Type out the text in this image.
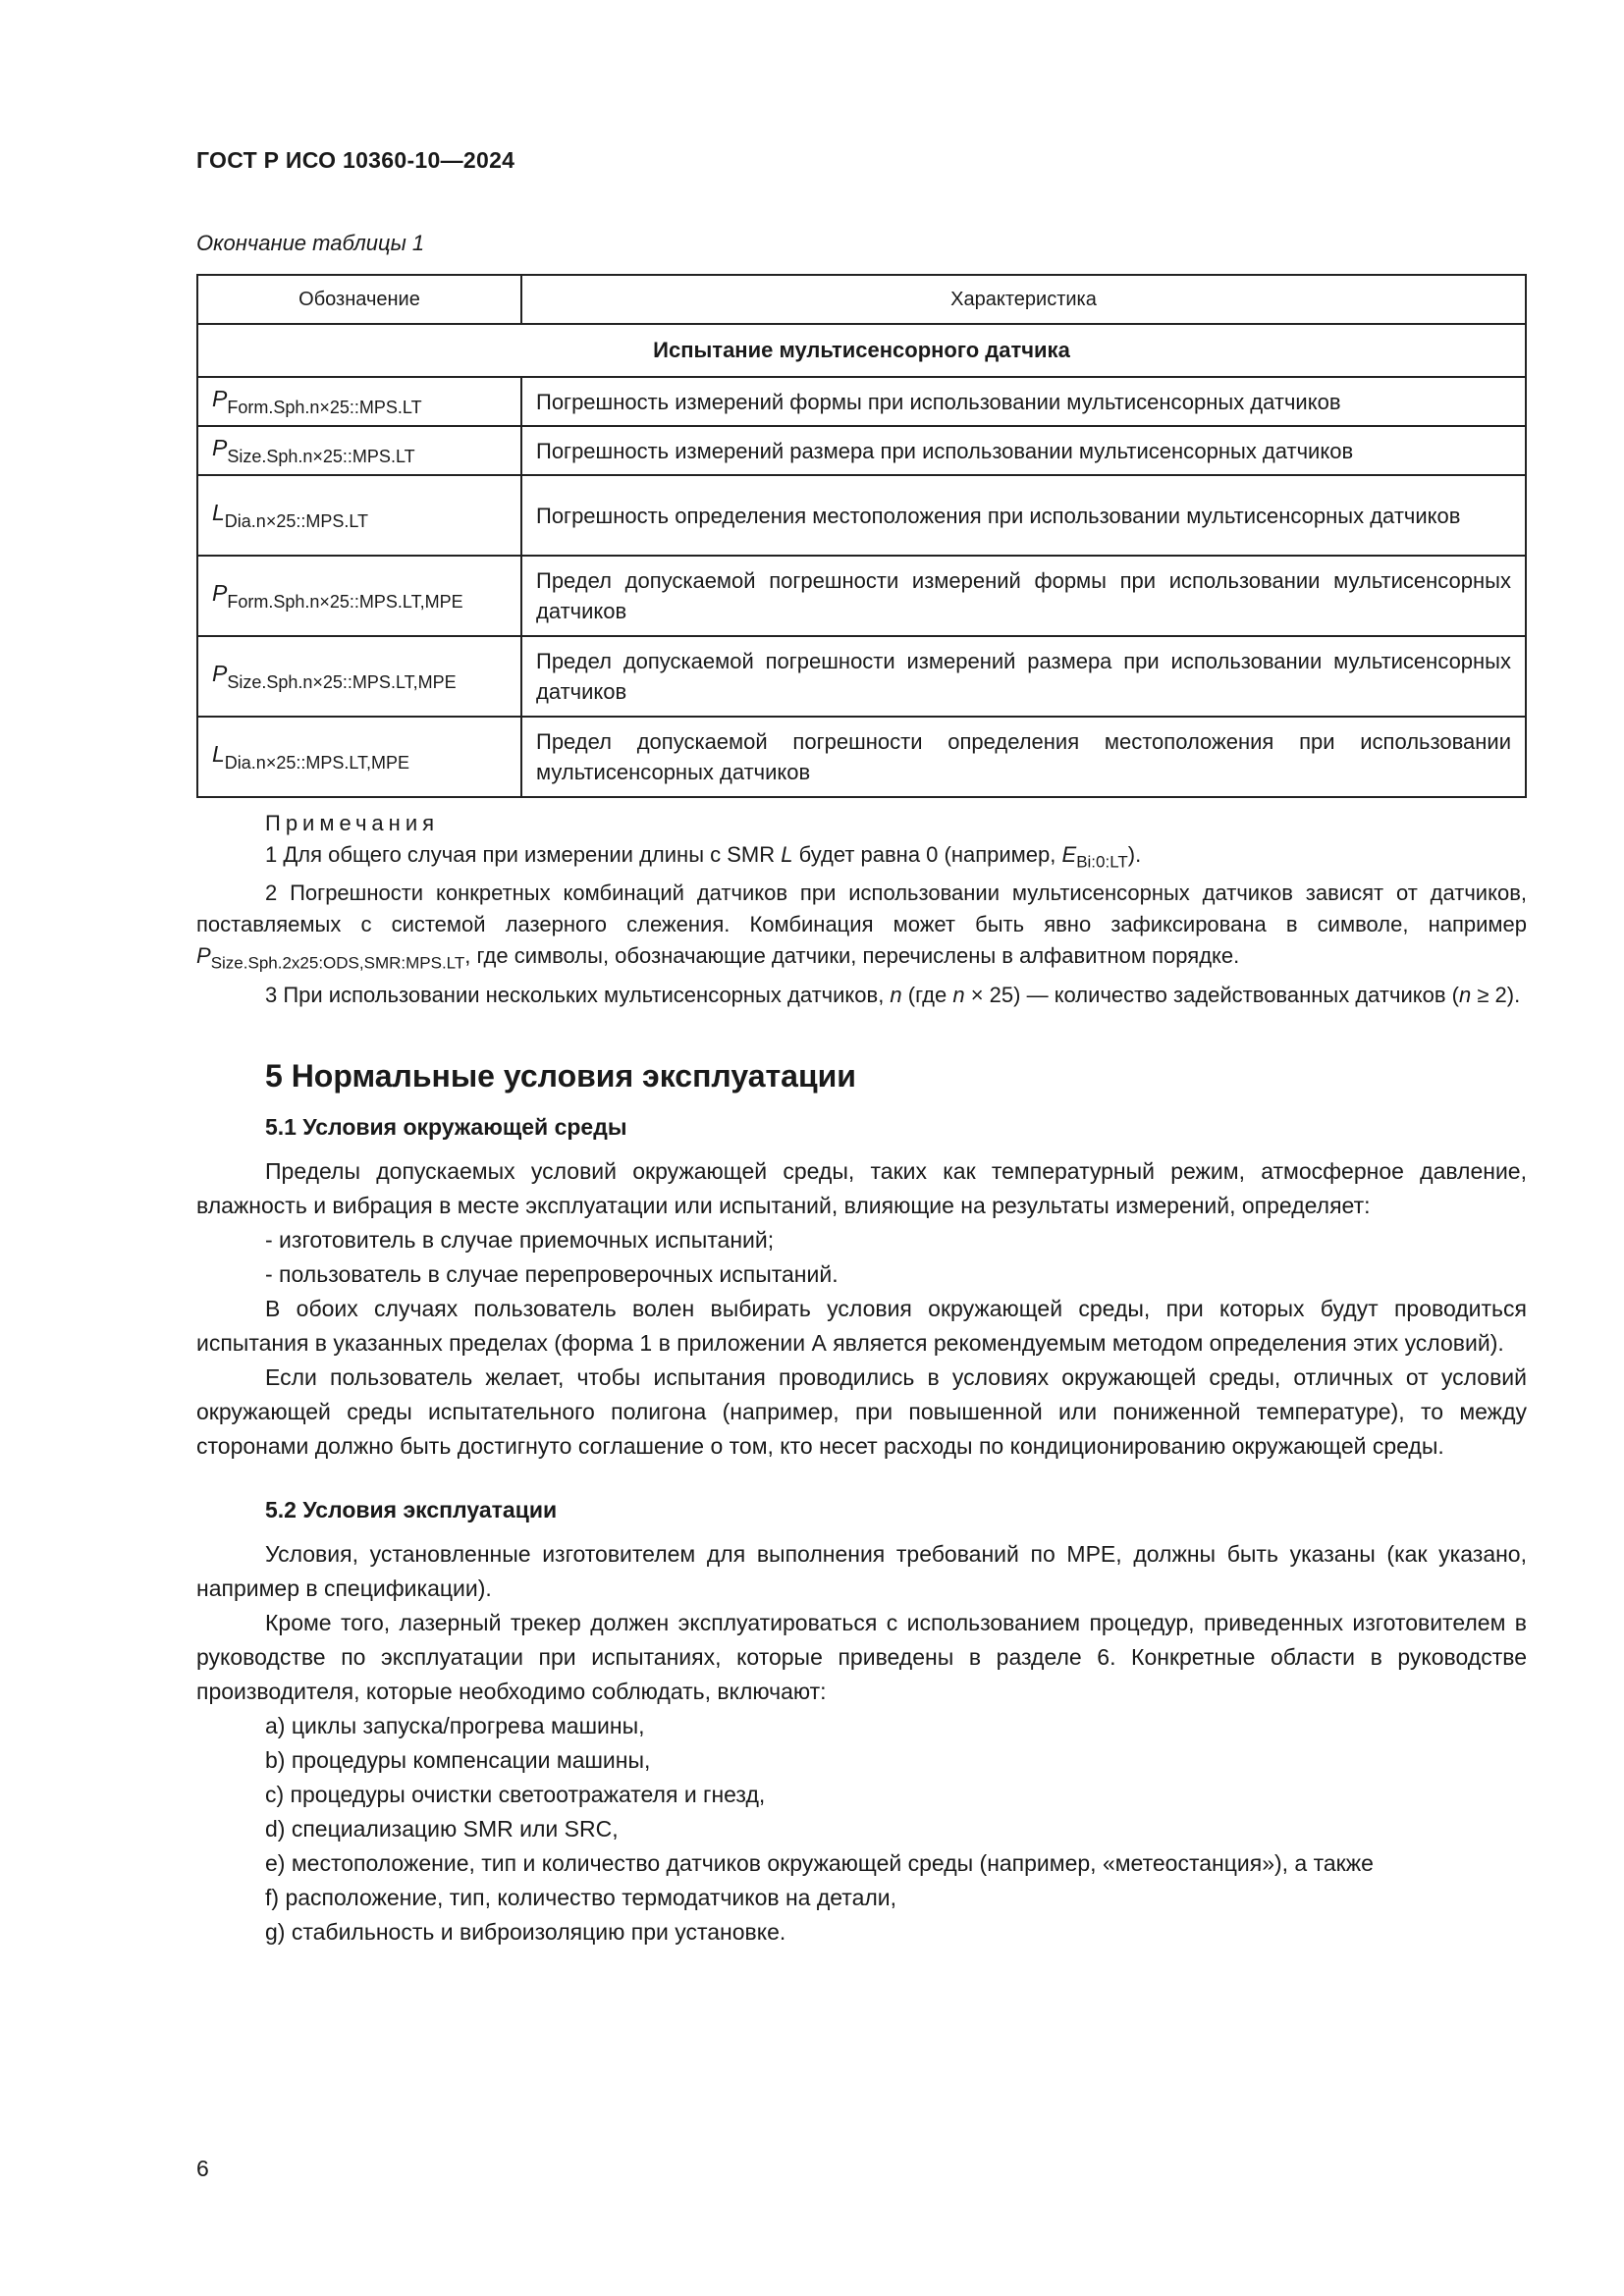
ГОСТ Р ИСО 10360-10—2024
Окончание таблицы 1
Обозначение	Характеристика
Испытание мультисенсорного датчика	
$P_{Form.Sph.n\times 25::MPS.LT}$	Погрешность измерений формы при использовании мультисенсорных датчиков
$P_{Size.Sph.n\times 25::MPS.LT}$	Погрешность измерений размера при использовании мультисенсорных датчиков
$L_{Dia.n\times 25::MPS.LT}$	Погрешность определения местоположения при использовании мультисенсорных датчиков
$P_{Form.Sph.n\times 25::MPS.LT,MPE}$	Предел допускаемой погрешности измерений формы при использовании мультисенсорных датчиков
$P_{Size.Sph.n\times 25::MPS.LT,MPE}$	Предел допускаемой погрешности измерений размера при использовании мультисенсорных датчиков
$L_{Dia.n\times 25::MPS.LT,MPE}$	Предел допускаемой погрешности определения местоположения при использовании мультисенсорных датчиков
Примечания

1 Для общего случая при измерении длины с SMR L будет равна 0 (например, $E_{Bi:0:LT}$).

2 Погрешности конкретных комбинаций датчиков при использовании мультисенсорных датчиков зависят от датчиков, поставляемых с системой лазерного слежения. Комбинация может быть явно зафиксирована в символе, например $P_{Size.Sph.2x25:ODS,SMR:MPS.LT}$, где символы, обозначающие датчики, перечислены в алфавитном порядке.

3 При использовании нескольких мультисенсорных датчиков, n (где n × 25) — количество задействованных датчиков (n ≥ 2).

5 Нормальные условия эксплуатации
5.1 Условия окружающей среды

Пределы допускаемых условий окружающей среды, таких как температурный режим, атмосферное давление, влажность и вибрация в месте эксплуатации или испытаний, влияющие на результаты измерений, определяет:

- изготовитель в случае приемочных испытаний;

- пользователь в случае перепроверочных испытаний.

В обоих случаях пользователь волен выбирать условия окружающей среды, при которых будут проводиться испытания в указанных пределах (форма 1 в приложении А является рекомендуемым методом определения этих условий).

Если пользователь желает, чтобы испытания проводились в условиях окружающей среды, отличных от условий окружающей среды испытательного полигона (например, при повышенной или пониженной температуре), то между сторонами должно быть достигнуто соглашение о том, кто несет расходы по кондиционированию окружающей среды.

5.2 Условия эксплуатации

Условия, установленные изготовителем для выполнения требований по MPE, должны быть указаны (как указано, например в спецификации).

Кроме того, лазерный трекер должен эксплуатироваться с использованием процедур, приведенных изготовителем в руководстве по эксплуатации при испытаниях, которые приведены в разделе 6. Конкретные области в руководстве производителя, которые необходимо соблюдать, включают:

a) циклы запуска/прогрева машины,

b) процедуры компенсации машины,

c) процедуры очистки светоотражателя и гнезд,

d) специализацию SMR или SRC,

e) местоположение, тип и количество датчиков окружающей среды (например, «метеостанция»), а также

f) расположение, тип, количество термодатчиков на детали,

g) стабильность и виброизоляцию при установке.

6
